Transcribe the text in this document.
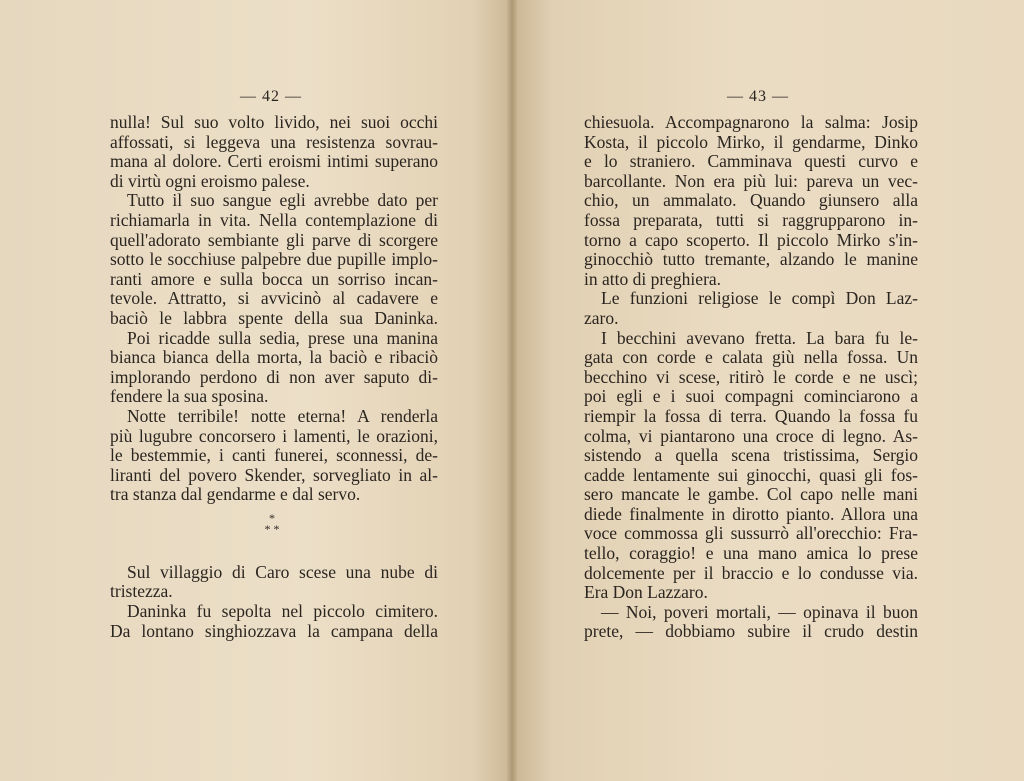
— 42 —
nulla! Sul suo volto livido, nei suoi occhi
affossati, si leggeva una resistenza sovrau-
mana al dolore. Certi eroismi intimi superano
di virtù ogni eroismo palese.
Tutto il suo sangue egli avrebbe dato per
richiamarla in vita. Nella contemplazione di
quell'adorato sembiante gli parve di scorgere
sotto le socchiuse palpebre due pupille implo-
ranti amore e sulla bocca un sorriso incan-
tevole. Attratto, si avvicinò al cadavere e
baciò le labbra spente della sua Daninka.
Poi ricadde sulla sedia, prese una manina
bianca bianca della morta, la baciò e ribaciò
implorando perdono di non aver saputo di-
fendere la sua sposina.
Notte terribile! notte eterna! A renderla
più lugubre concorsero i lamenti, le orazioni,
le bestemmie, i canti funerei, sconnessi, de-
liranti del povero Skender, sorvegliato in al-
tra stanza dal gendarme e dal servo.
*
* *
Sul villaggio di Caro scese una nube di
tristezza.
Daninka fu sepolta nel piccolo cimitero.
Da lontano singhiozzava la campana della
— 43 —
chiesuola. Accompagnarono la salma: Josip
Kosta, il piccolo Mirko, il gendarme, Dinko
e lo straniero. Camminava questi curvo e
barcollante. Non era più lui: pareva un vec-
chio, un ammalato. Quando giunsero alla
fossa preparata, tutti si raggrupparono in-
torno a capo scoperto. Il piccolo Mirko s'in-
ginocchiò tutto tremante, alzando le manine
in atto di preghiera.
Le funzioni religiose le compì Don Laz-
zaro.
I becchini avevano fretta. La bara fu le-
gata con corde e calata giù nella fossa. Un
becchino vi scese, ritirò le corde e ne uscì;
poi egli e i suoi compagni cominciarono a
riempir la fossa di terra. Quando la fossa fu
colma, vi piantarono una croce di legno. As-
sistendo a quella scena tristissima, Sergio
cadde lentamente sui ginocchi, quasi gli fos-
sero mancate le gambe. Col capo nelle mani
diede finalmente in dirotto pianto. Allora una
voce commossa gli sussurrò all'orecchio: Fra-
tello, coraggio! e una mano amica lo prese
dolcemente per il braccio e lo condusse via.
Era Don Lazzaro.
— Noi, poveri mortali, — opinava il buon
prete, — dobbiamo subire il crudo destin
